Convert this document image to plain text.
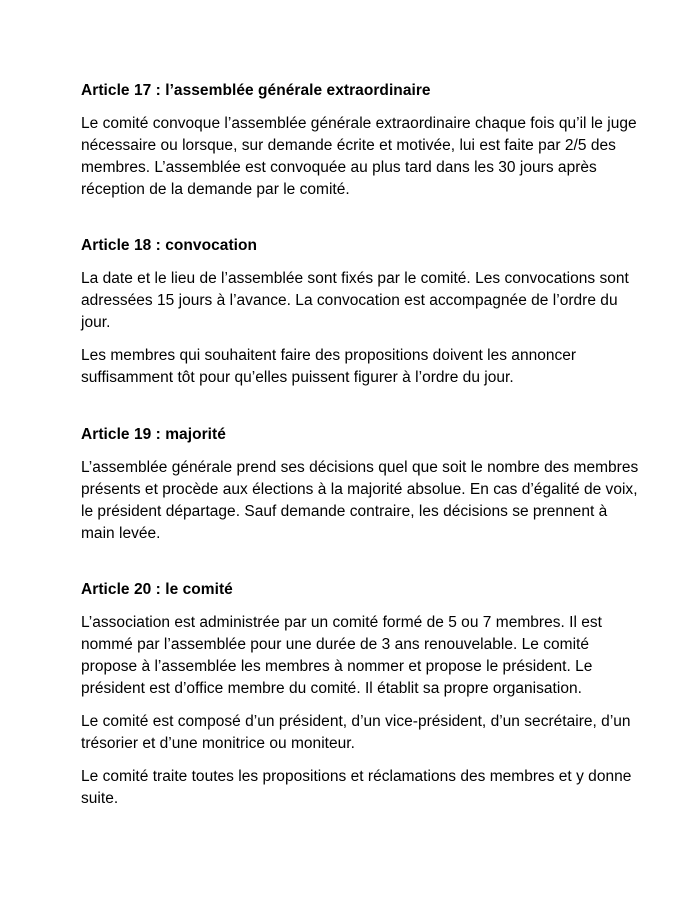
Article 17 : l’assemblée générale extraordinaire

Le comité convoque l’assemblée générale extraordinaire chaque fois qu’il le juge nécessaire ou lorsque, sur demande écrite et motivée, lui est faite par 2/5 des membres. L’assemblée est convoquée au plus tard dans les 30 jours après réception de la demande par le comité.

Article 18 : convocation

La date et le lieu de l’assemblée sont fixés par le comité. Les convocations sont adressées 15 jours à l’avance. La convocation est accompagnée de l’ordre du jour.

Les membres qui souhaitent faire des propositions doivent les annoncer suffisamment tôt pour qu’elles puissent figurer à l’ordre du jour.

Article 19 : majorité

L’assemblée générale prend ses décisions quel que soit le nombre des membres présents et procède aux élections à la majorité absolue. En cas d’égalité de voix, le président départage. Sauf demande contraire, les décisions se prennent à main levée.

Article 20 : le comité

L’association est administrée par un comité formé de 5 ou 7 membres. Il est nommé par l’assemblée pour une durée de 3 ans renouvelable. Le comité propose à l’assemblée les membres à nommer et propose le président. Le président est d’office membre du comité. Il établit sa propre organisation.

Le comité est composé d’un président, d’un vice-président, d’un secrétaire, d’un trésorier et d’une monitrice ou moniteur.

Le comité traite toutes les propositions et réclamations des membres et y donne suite.
